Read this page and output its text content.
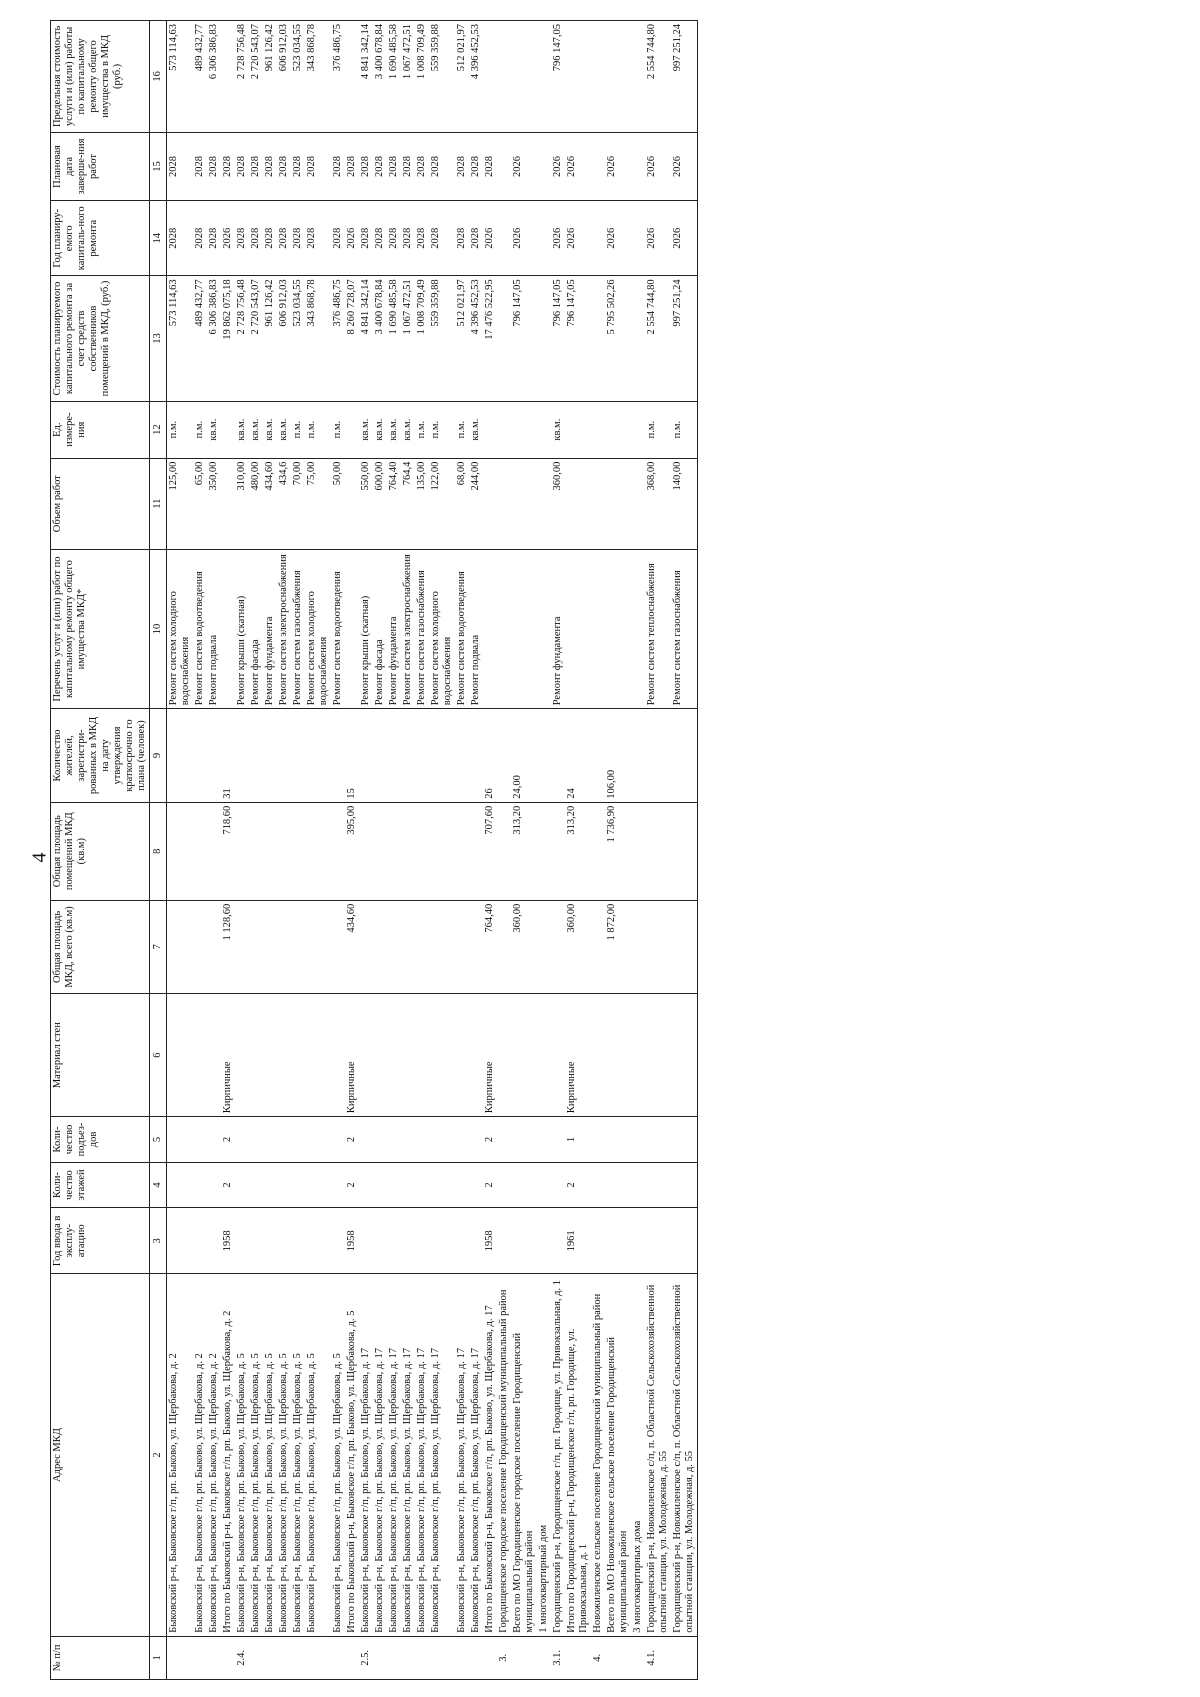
4
№ п/п	Адрес МКД	Год ввода в эксплу-атацию	Коли-чество этажей	Коли-чество подъез-дов	Материал стен	Общая площадь МКД, всего (кв.м)	Общая площадь помещений МКД (кв.м)	Количество жителей, зарегистри-рованных в МКД на дату утверждения краткосрочно го плана (человек)	Перечень услуг и (или) работ по капитальному ремонту общего имущества МКД*	Объем работ	Ед. измере-ния	Стоимость планируемого капитального ремонта за счет средств собственников помещений в МКД, (руб.)	Год планиру-емого капиталь-ного ремонта	Плановая дата заверше-ния работ	Предельная стоимость услуги и (или) работы по капитальному ремонту общего имущества в МКД (руб.)
1	2	3	4	5	6	7	8	9	10	11	12	13	14	15	16
	Быковский р-н, Быковское г/п, рп. Быково, ул. Щербакова, д. 2								Ремонт систем холодного водоснабжения	125,00	п.м.	573 114,63	2028	2028	573 114,63
	Быковский р-н, Быковское г/п, рп. Быково, ул. Щербакова, д. 2								Ремонт систем водоотведения	65,00	п.м.	489 432,77	2028	2028	489 432,77
	Быковский р-н, Быковское г/п, рп. Быково, ул. Щербакова, д. 2								Ремонт подвала	350,00	кв.м.	6 306 386,83	2028	2028	6 306 386,83
	Итого по Быковский р-н, Быковское г/п, рп. Быково, ул. Щербакова, д. 2	1958	2	2	Кирпичные	1 128,60	718,60	31				19 862 075,18	2026	2028	
2.4.	Быковский р-н, Быковское г/п, рп. Быково, ул. Щербакова, д. 5								Ремонт крыши (скатная)	310,00	кв.м.	2 728 756,48	2028	2028	2 728 756,48
	Быковский р-н, Быковское г/п, рп. Быково, ул. Щербакова, д. 5								Ремонт фасада	480,00	кв.м.	2 720 543,07	2028	2028	2 720 543,07
	Быковский р-н, Быковское г/п, рп. Быково, ул. Щербакова, д. 5								Ремонт фундамента	434,60	кв.м.	961 126,42	2028	2028	961 126,42
	Быковский р-н, Быковское г/п, рп. Быково, ул. Щербакова, д. 5								Ремонт систем электроснабжения	434,6	кв.м.	606 912,03	2028	2028	606 912,03
	Быковский р-н, Быковское г/п, рп. Быково, ул. Щербакова, д. 5								Ремонт систем газоснабжения	70,00	п.м.	523 034,55	2028	2028	523 034,55
	Быковский р-н, Быковское г/п, рп. Быково, ул. Щербакова, д. 5								Ремонт систем холодного водоснабжения	75,00	п.м.	343 868,78	2028	2028	343 868,78
	Быковский р-н, Быковское г/п, рп. Быково, ул. Щербакова, д. 5								Ремонт систем водоотведения	50,00	п.м.	376 486,75	2028	2028	376 486,75
	Итого по Быковский р-н, Быковское г/п, рп. Быково, ул. Щербакова, д. 5	1958	2	2	Кирпичные	434,60	395,00	15				8 260 728,07	2026	2028	
2.5.	Быковский р-н, Быковское г/п, рп. Быково, ул. Щербакова, д. 17								Ремонт крыши (скатная)	550,00	кв.м.	4 841 342,14	2028	2028	4 841 342,14
	Быковский р-н, Быковское г/п, рп. Быково, ул. Щербакова, д. 17								Ремонт фасада	600,00	кв.м.	3 400 678,84	2028	2028	3 400 678,84
	Быковский р-н, Быковское г/п, рп. Быково, ул. Щербакова, д. 17								Ремонт фундамента	764,40	кв.м.	1 690 485,58	2028	2028	1 690 485,58
	Быковский р-н, Быковское г/п, рп. Быково, ул. Щербакова, д. 17								Ремонт систем электроснабжения	764,4	кв.м.	1 067 472,51	2028	2028	1 067 472,51
	Быковский р-н, Быковское г/п, рп. Быково, ул. Щербакова, д. 17								Ремонт систем газоснабжения	135,00	п.м.	1 008 709,49	2028	2028	1 008 709,49
	Быковский р-н, Быковское г/п, рп. Быково, ул. Щербакова, д. 17								Ремонт систем холодного водоснабжения	122,00	п.м.	559 359,88	2028	2028	559 359,88
	Быковский р-н, Быковское г/п, рп. Быково, ул. Щербакова, д. 17								Ремонт систем водоотведения	68,00	п.м.	512 021,97	2028	2028	512 021,97
	Быковский р-н, Быковское г/п, рп. Быково, ул. Щербакова, д. 17								Ремонт подвала	244,00	кв.м.	4 396 452,53	2028	2028	4 396 452,53
	Итого по Быковский р-н, Быковское г/п, рп. Быково, ул. Щербакова, д. 17	1958	2	2	Кирпичные	764,40	707,60	26				17 476 522,95	2026	2028	
3.	Городищенское городское поселение Городищенский муниципальный район														
	Всего по МО Городищенское городское поселение Городищенский муниципальный район					360,00	313,20	24,00				796 147,05	2026	2026	
	1 многоквартирный дом														
3.1.	Городищенский р-н, Городищенское г/п, рп. Городище, ул. Привокзальная, д. 1								Ремонт фундамента	360,00	кв.м.	796 147,05	2026	2026	796 147,05
	Итого по Городищенский р-н, Городищенское г/п, рп. Городище, ул. Привокзальная, д. 1	1961	2	1	Кирпичные	360,00	313,20	24				796 147,05	2026	2026	
4.	Новожиленское сельское поселение Городищенский муниципальный район														
	Всего по МО Новожиленское сельское поселение Городищенский муниципальный район					1 872,00	1 736,90	106,00				5 795 502,26	2026	2026	
	3 многоквартирных дома														
4.1.	Городищенский р-н, Новожиленское с/п, п. Областной Сельскохозяйственной опытной станции, ул. Молодежная, д. 55								Ремонт систем теплоснабжения	368,00	п.м.	2 554 744,80	2026	2026	2 554 744,80
	Городищенский р-н, Новожиленское с/п, п. Областной Сельскохозяйственной опытной станции, ул. Молодежная, д. 55								Ремонт систем газоснабжения	140,00	п.м.	997 251,24	2026	2026	997 251,24
